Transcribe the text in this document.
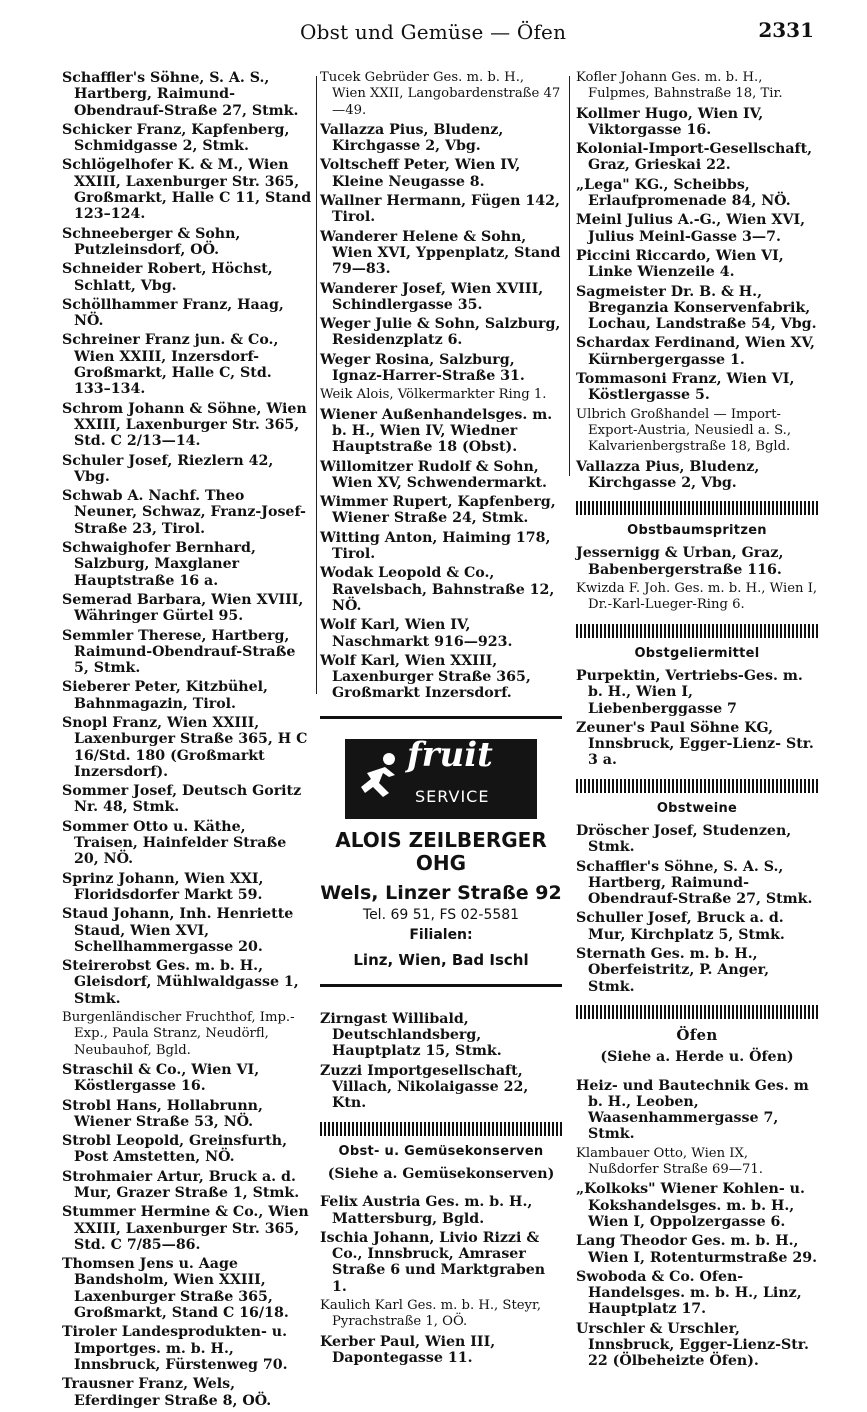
Obst und Gemüse — Öfen	2331
Schaffler's Söhne, S. A. S., Hartberg, Raimund-Obendrauf-Straße 27, Stmk.
Schicker Franz, Kapfenberg, Schmidgasse 2, Stmk.
Schlögelhofer K. & M., Wien XXIII, Laxenburger Str. 365, Großmarkt, Halle C 11, Stand 123–124.
Schneeberger & Sohn, Putzleinsdorf, OÖ.
Schneider Robert, Höchst, Schlatt, Vbg.
Schöllhammer Franz, Haag, NÖ.
Schreiner Franz jun. & Co., Wien XXIII, Inzersdorf-Großmarkt, Halle C, Std. 133–134.
Schrom Johann & Söhne, Wien XXIII, Laxenburger Str. 365, Std. C 2/13—14.
Schuler Josef, Riezlern 42, Vbg.
Schwab A. Nachf. Theo Neuner, Schwaz, Franz-Josef-Straße 23, Tirol.
Schwaighofer Bernhard, Salzburg, Maxglaner Hauptstraße 16 a.
Semerad Barbara, Wien XVIII, Währinger Gürtel 95.
Semmler Therese, Hartberg, Raimund-Obendrauf-Straße 5, Stmk.
Sieberer Peter, Kitzbühel, Bahnmagazin, Tirol.
Snopl Franz, Wien XXIII, Laxenburger Straße 365, H C 16/Std. 180 (Großmarkt Inzersdorf).
Sommer Josef, Deutsch Goritz Nr. 48, Stmk.
Sommer Otto u. Käthe, Traisen, Hainfelder Straße 20, NÖ.
Sprinz Johann, Wien XXI, Floridsdorfer Markt 59.
Staud Johann, Inh. Henriette Staud, Wien XVI, Schellhammergasse 20.
Steirerobst Ges. m. b. H., Gleisdorf, Mühlwaldgasse 1, Stmk.
Burgenländischer Fruchthof, Imp.-Exp., Paula Stranz, Neudörfl, Neubauhof, Bgld.
Straschil & Co., Wien VI, Köstlergasse 16.
Strobl Hans, Hollabrunn, Wiener Straße 53, NÖ.
Strobl Leopold, Greinsfurth, Post Amstetten, NÖ.
Strohmaier Artur, Bruck a. d. Mur, Grazer Straße 1, Stmk.
Stummer Hermine & Co., Wien XXIII, Laxenburger Str. 365, Std. C 7/85—86.
Thomsen Jens u. Aage Bandsholm, Wien XXIII, Laxenburger Straße 365, Großmarkt, Stand C 16/18.
Tiroler Landesprodukten- u. Importges. m. b. H., Innsbruck, Fürstenweg 70.
Trausner Franz, Wels, Eferdinger Straße 8, OÖ.
Tucek Gebrüder Ges. m. b. H., Wien XXII, Langobardenstraße 47—49.
Vallazza Pius, Bludenz, Kirchgasse 2, Vbg.
Voltscheff Peter, Wien IV, Kleine Neugasse 8.
Wallner Hermann, Fügen 142, Tirol.
Wanderer Helene & Sohn, Wien XVI, Yppenplatz, Stand 79—83.
Wanderer Josef, Wien XVIII, Schindlergasse 35.
Weger Julie & Sohn, Salzburg, Residenzplatz 6.
Weger Rosina, Salzburg, Ignaz-Harrer-Straße 31.
Weik Alois, Völkermarkter Ring 1.
Wiener Außenhandelsges. m. b. H., Wien IV, Wiedner Hauptstraße 18 (Obst).
Willomitzer Rudolf & Sohn, Wien XV, Schwendermarkt.
Wimmer Rupert, Kapfenberg, Wiener Straße 24, Stmk.
Witting Anton, Haiming 178, Tirol.
Wodak Leopold & Co., Ravelsbach, Bahnstraße 12, NÖ.
Wolf Karl, Wien IV, Naschmarkt 916—923.
Wolf Karl, Wien XXIII, Laxenburger Straße 365, Großmarkt Inzersdorf.
fruit
SERVICE
ALOIS ZEILBERGER
OHG
Wels, Linzer Straße 92
Tel. 69 51, FS 02-5581
Filialen:
Linz, Wien, Bad Ischl
Zirngast Willibald, Deutschlandsberg, Hauptplatz 15, Stmk.
Zuzzi Importgesellschaft, Villach, Nikolaigasse 22, Ktn.
Obst- u. Gemüsekonserven
(Siehe a. Gemüsekonserven)
Felix Austria Ges. m. b. H., Mattersburg, Bgld.
Ischia Johann, Livio Rizzi & Co., Innsbruck, Amraser Straße 6 und Marktgraben 1.
Kaulich Karl Ges. m. b. H., Steyr, Pyrachstraße 1, OÖ.
Kerber Paul, Wien III, Dapontegasse 11.
Kofler Johann Ges. m. b. H., Fulpmes, Bahnstraße 18, Tir.
Kollmer Hugo, Wien IV, Viktorgasse 16.
Kolonial-Import-Gesellschaft, Graz, Grieskai 22.
„Lega" KG., Scheibbs, Erlaufpromenade 84, NÖ.
Meinl Julius A.-G., Wien XVI, Julius Meinl-Gasse 3—7.
Piccini Riccardo, Wien VI, Linke Wienzeile 4.
Sagmeister Dr. B. & H., Breganzia Konservenfabrik, Lochau, Landstraße 54, Vbg.
Schardax Ferdinand, Wien XV, Kürnbergergasse 1.
Tommasoni Franz, Wien VI, Köstlergasse 5.
Ulbrich Großhandel — Import-Export-Austria, Neusiedl a. S., Kalvarienbergstraße 18, Bgld.
Vallazza Pius, Bludenz, Kirchgasse 2, Vbg.
Obstbaumspritzen
Jessernigg & Urban, Graz, Babenbergerstraße 116.
Kwizda F. Joh. Ges. m. b. H., Wien I, Dr.-Karl-Lueger-Ring 6.
Obstgeliermittel
Purpektin, Vertriebs-Ges. m. b. H., Wien I, Liebenberggasse 7
Zeuner's Paul Söhne KG, Innsbruck, Egger-Lienz- Str. 3 a.
Obstweine
Dröscher Josef, Studenzen, Stmk.
Schaffler's Söhne, S. A. S., Hartberg, Raimund-Obendrauf-Straße 27, Stmk.
Schuller Josef, Bruck a. d. Mur, Kirchplatz 5, Stmk.
Sternath Ges. m. b. H., Oberfeistritz, P. Anger, Stmk.
Öfen
(Siehe a. Herde u. Öfen)
Heiz- und Bautechnik Ges. m b. H., Leoben, Waasenhammergasse 7, Stmk.
Klambauer Otto, Wien IX, Nußdorfer Straße 69—71.
„Kolkoks" Wiener Kohlen- u. Kokshandelsges. m. b. H., Wien I, Oppolzergasse 6.
Lang Theodor Ges. m. b. H., Wien I, Rotenturmstraße 29.
Swoboda & Co. Ofen-Handelsges. m. b. H., Linz, Hauptplatz 17.
Urschler & Urschler, Innsbruck, Egger-Lienz-Str. 22 (Ölbeheizte Öfen).
